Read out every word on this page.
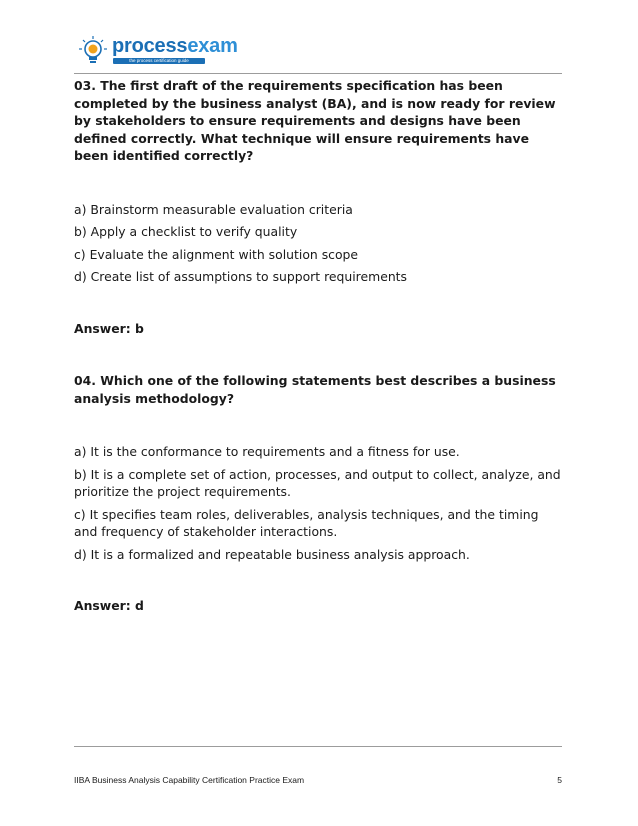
processexam
the process certification guide

03. The first draft of the requirements specification has been completed by the business analyst (BA), and is now ready for review by stakeholders to ensure requirements and designs have been defined correctly. What technique will ensure requirements have been identified correctly?

a) Brainstorm measurable evaluation criteria

b) Apply a checklist to verify quality

c) Evaluate the alignment with solution scope

d) Create list of assumptions to support requirements

Answer: b

04. Which one of the following statements best describes a business analysis methodology?

a) It is the conformance to requirements and a fitness for use.

b) It is a complete set of action, processes, and output to collect, analyze, and prioritize the project requirements.

c) It specifies team roles, deliverables, analysis techniques, and the timing and frequency of stakeholder interactions.

d) It is a formalized and repeatable business analysis approach.

Answer: d

IIBA Business Analysis Capability Certification Practice Exam	5
